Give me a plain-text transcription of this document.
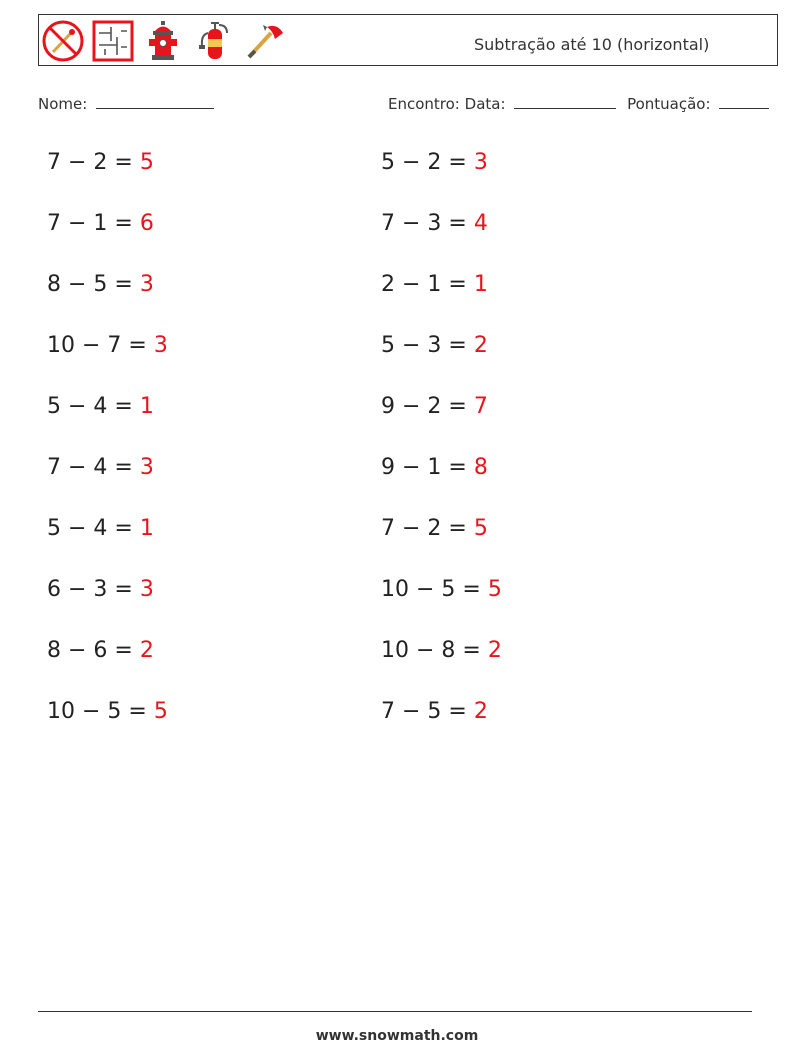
Subtração até 10 (horizontal)
Nome:	Encontro: Data:	Pontuação:
7 − 2 = 5
7 − 1 = 6
8 − 5 = 3
10 − 7 = 3
5 − 4 = 1
7 − 4 = 3
5 − 4 = 1
6 − 3 = 3
8 − 6 = 2
10 − 5 = 5
5 − 2 = 3
7 − 3 = 4
2 − 1 = 1
5 − 3 = 2
9 − 2 = 7
9 − 1 = 8
7 − 2 = 5
10 − 5 = 5
10 − 8 = 2
7 − 5 = 2
www.snowmath.com
